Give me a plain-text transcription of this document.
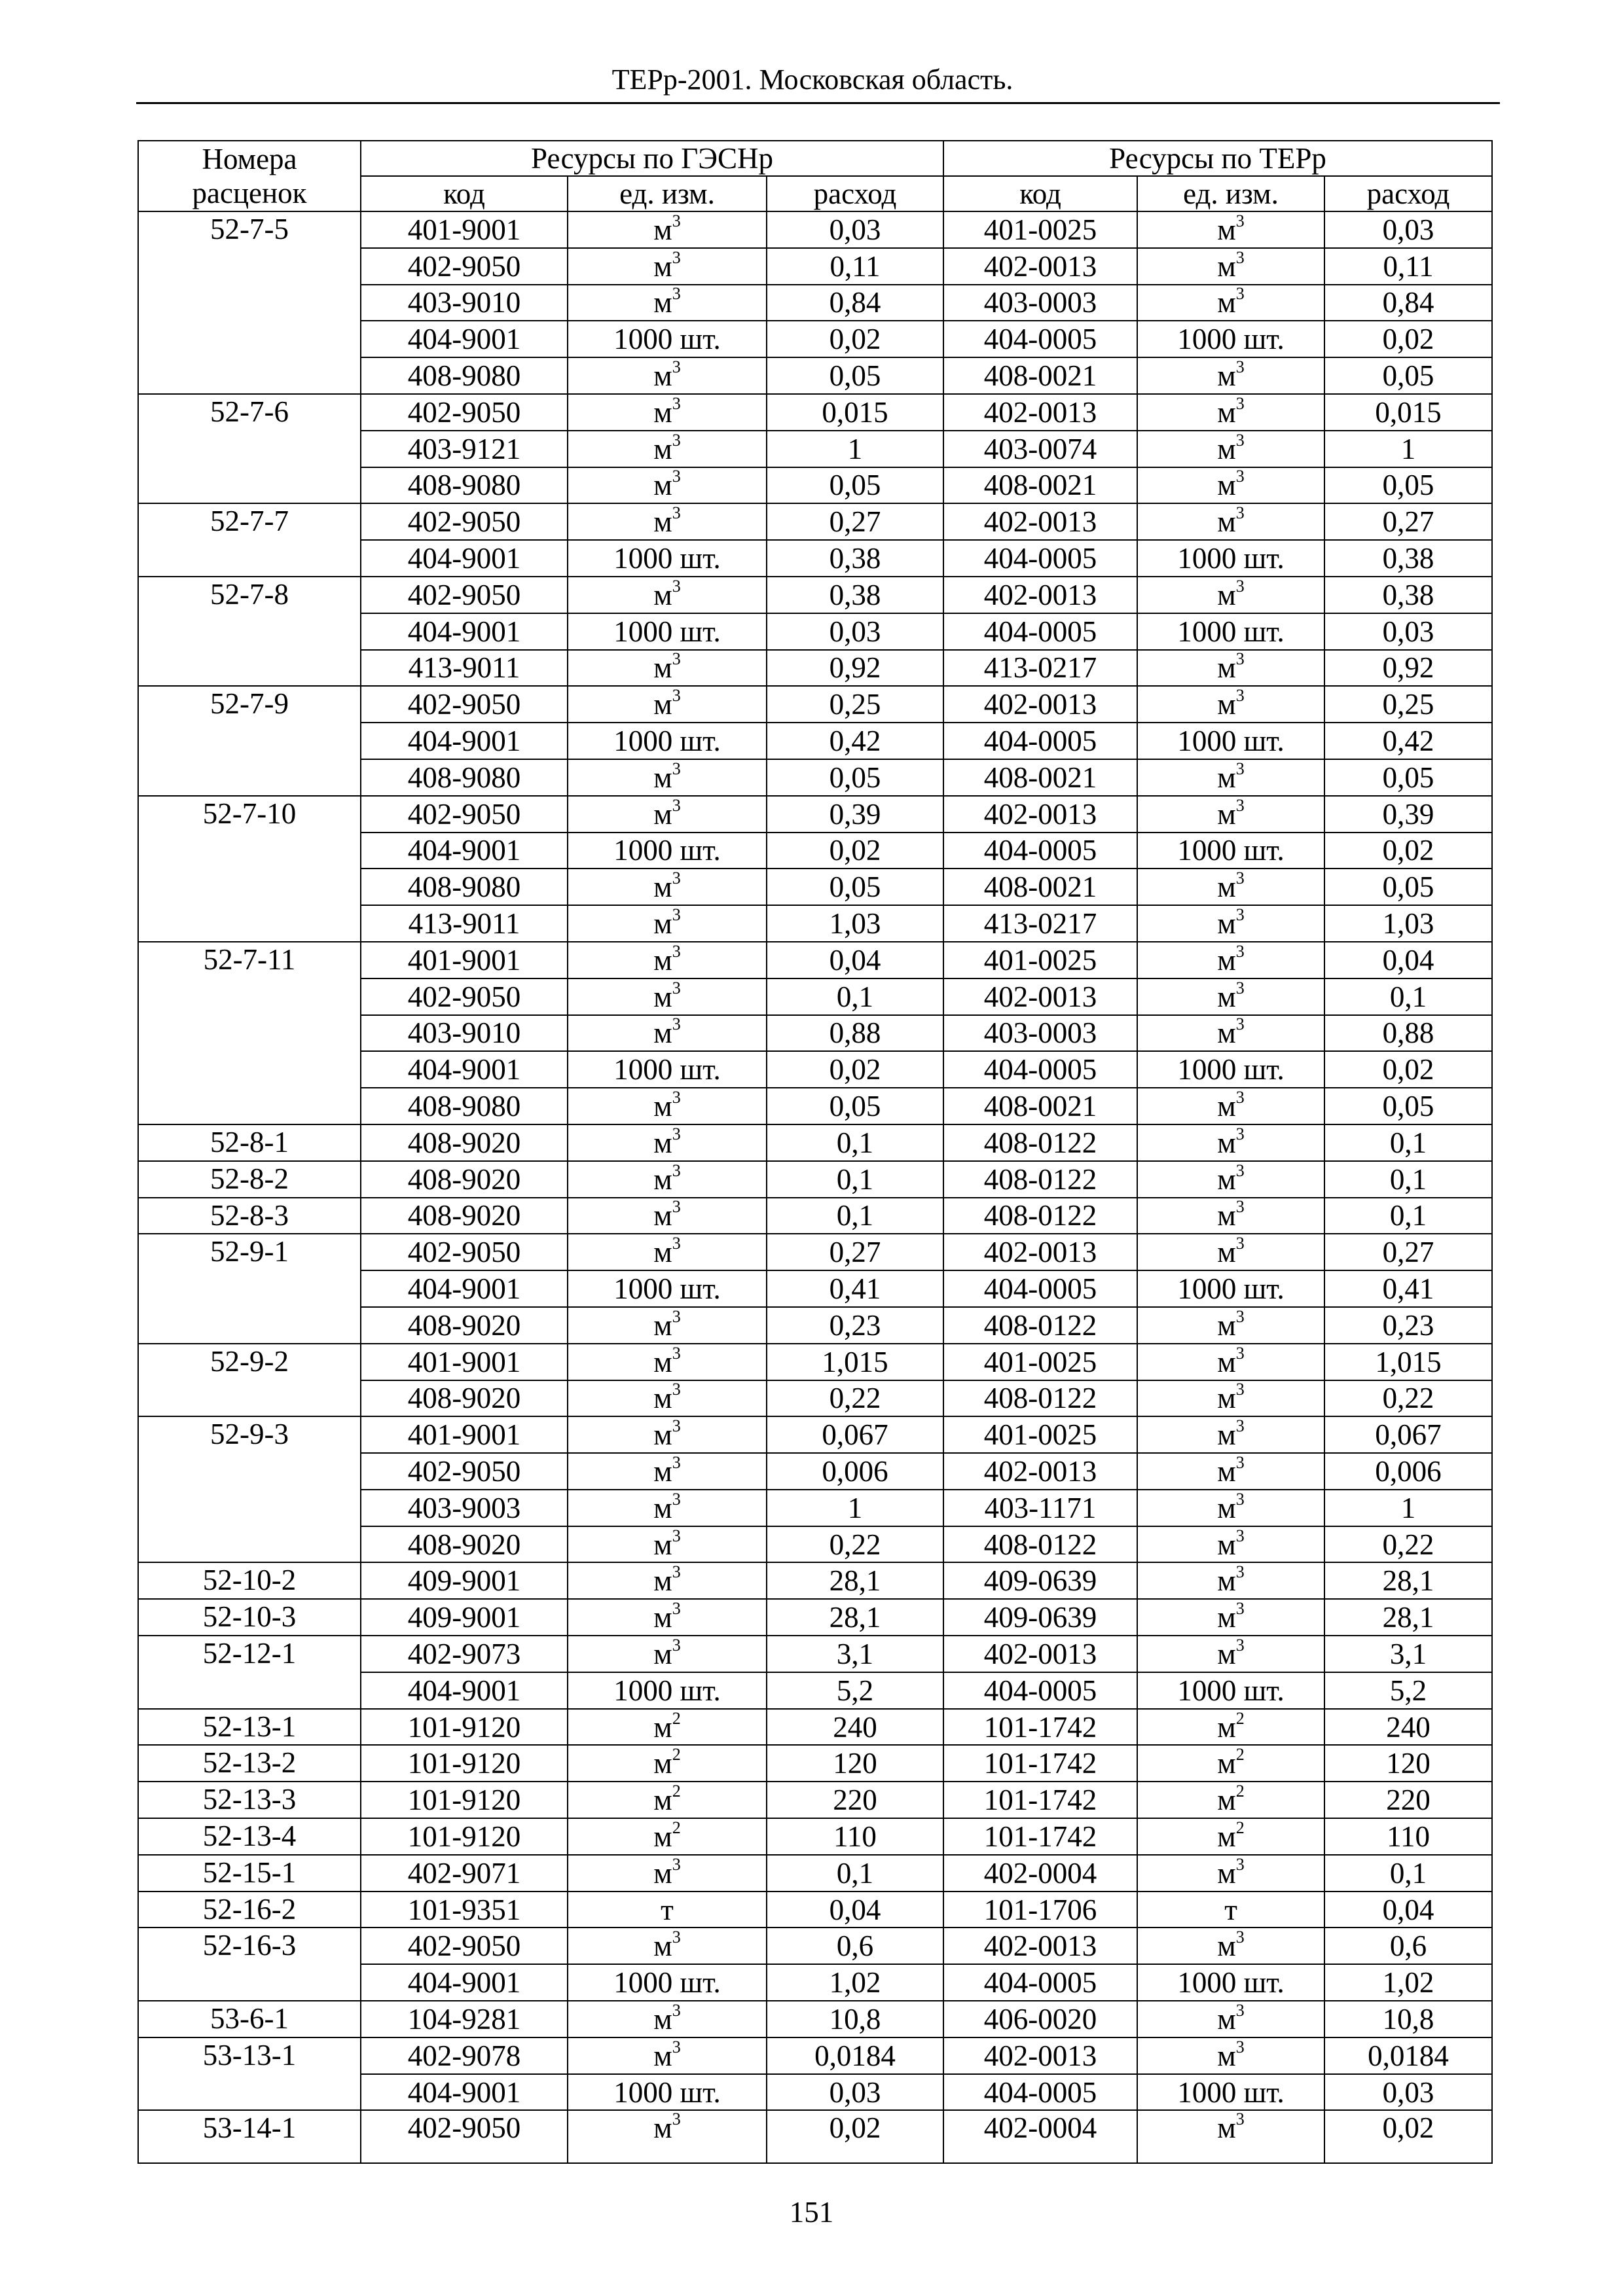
ТЕРр-2001. Московская область.
Номера
расценок	Ресурсы по ГЭСНр			Ресурсы по ТЕРр		
	код	ед. изм.	расход	код	ед. изм.	расход
52-7-5	401-9001	$м^3$	0,03	401-0025	$м^3$	0,03
	402-9050	$м^3$	0,11	402-0013	$м^3$	0,11
	403-9010	$м^3$	0,84	403-0003	$м^3$	0,84
	404-9001	1000 шт.	0,02	404-0005	1000 шт.	0,02
	408-9080	$м^3$	0,05	408-0021	$м^3$	0,05
52-7-6	402-9050	$м^3$	0,015	402-0013	$м^3$	0,015
	403-9121	$м^3$	1	403-0074	$м^3$	1
	408-9080	$м^3$	0,05	408-0021	$м^3$	0,05
52-7-7	402-9050	$м^3$	0,27	402-0013	$м^3$	0,27
	404-9001	1000 шт.	0,38	404-0005	1000 шт.	0,38
52-7-8	402-9050	$м^3$	0,38	402-0013	$м^3$	0,38
	404-9001	1000 шт.	0,03	404-0005	1000 шт.	0,03
	413-9011	$м^3$	0,92	413-0217	$м^3$	0,92
52-7-9	402-9050	$м^3$	0,25	402-0013	$м^3$	0,25
	404-9001	1000 шт.	0,42	404-0005	1000 шт.	0,42
	408-9080	$м^3$	0,05	408-0021	$м^3$	0,05
52-7-10	402-9050	$м^3$	0,39	402-0013	$м^3$	0,39
	404-9001	1000 шт.	0,02	404-0005	1000 шт.	0,02
	408-9080	$м^3$	0,05	408-0021	$м^3$	0,05
	413-9011	$м^3$	1,03	413-0217	$м^3$	1,03
52-7-11	401-9001	$м^3$	0,04	401-0025	$м^3$	0,04
	402-9050	$м^3$	0,1	402-0013	$м^3$	0,1
	403-9010	$м^3$	0,88	403-0003	$м^3$	0,88
	404-9001	1000 шт.	0,02	404-0005	1000 шт.	0,02
	408-9080	$м^3$	0,05	408-0021	$м^3$	0,05
52-8-1	408-9020	$м^3$	0,1	408-0122	$м^3$	0,1
52-8-2	408-9020	$м^3$	0,1	408-0122	$м^3$	0,1
52-8-3	408-9020	$м^3$	0,1	408-0122	$м^3$	0,1
52-9-1	402-9050	$м^3$	0,27	402-0013	$м^3$	0,27
	404-9001	1000 шт.	0,41	404-0005	1000 шт.	0,41
	408-9020	$м^3$	0,23	408-0122	$м^3$	0,23
52-9-2	401-9001	$м^3$	1,015	401-0025	$м^3$	1,015
	408-9020	$м^3$	0,22	408-0122	$м^3$	0,22
52-9-3	401-9001	$м^3$	0,067	401-0025	$м^3$	0,067
	402-9050	$м^3$	0,006	402-0013	$м^3$	0,006
	403-9003	$м^3$	1	403-1171	$м^3$	1
	408-9020	$м^3$	0,22	408-0122	$м^3$	0,22
52-10-2	409-9001	$м^3$	28,1	409-0639	$м^3$	28,1
52-10-3	409-9001	$м^3$	28,1	409-0639	$м^3$	28,1
52-12-1	402-9073	$м^3$	3,1	402-0013	$м^3$	3,1
	404-9001	1000 шт.	5,2	404-0005	1000 шт.	5,2
52-13-1	101-9120	$м^2$	240	101-1742	$м^2$	240
52-13-2	101-9120	$м^2$	120	101-1742	$м^2$	120
52-13-3	101-9120	$м^2$	220	101-1742	$м^2$	220
52-13-4	101-9120	$м^2$	110	101-1742	$м^2$	110
52-15-1	402-9071	$м^3$	0,1	402-0004	$м^3$	0,1
52-16-2	101-9351	т	0,04	101-1706	т	0,04
52-16-3	402-9050	$м^3$	0,6	402-0013	$м^3$	0,6
	404-9001	1000 шт.	1,02	404-0005	1000 шт.	1,02
53-6-1	104-9281	$м^3$	10,8	406-0020	$м^3$	10,8
53-13-1	402-9078	$м^3$	0,0184	402-0013	$м^3$	0,0184
	404-9001	1000 шт.	0,03	404-0005	1000 шт.	0,03
53-14-1	402-9050	$м^3$	0,02	402-0004	$м^3$	0,02
151
